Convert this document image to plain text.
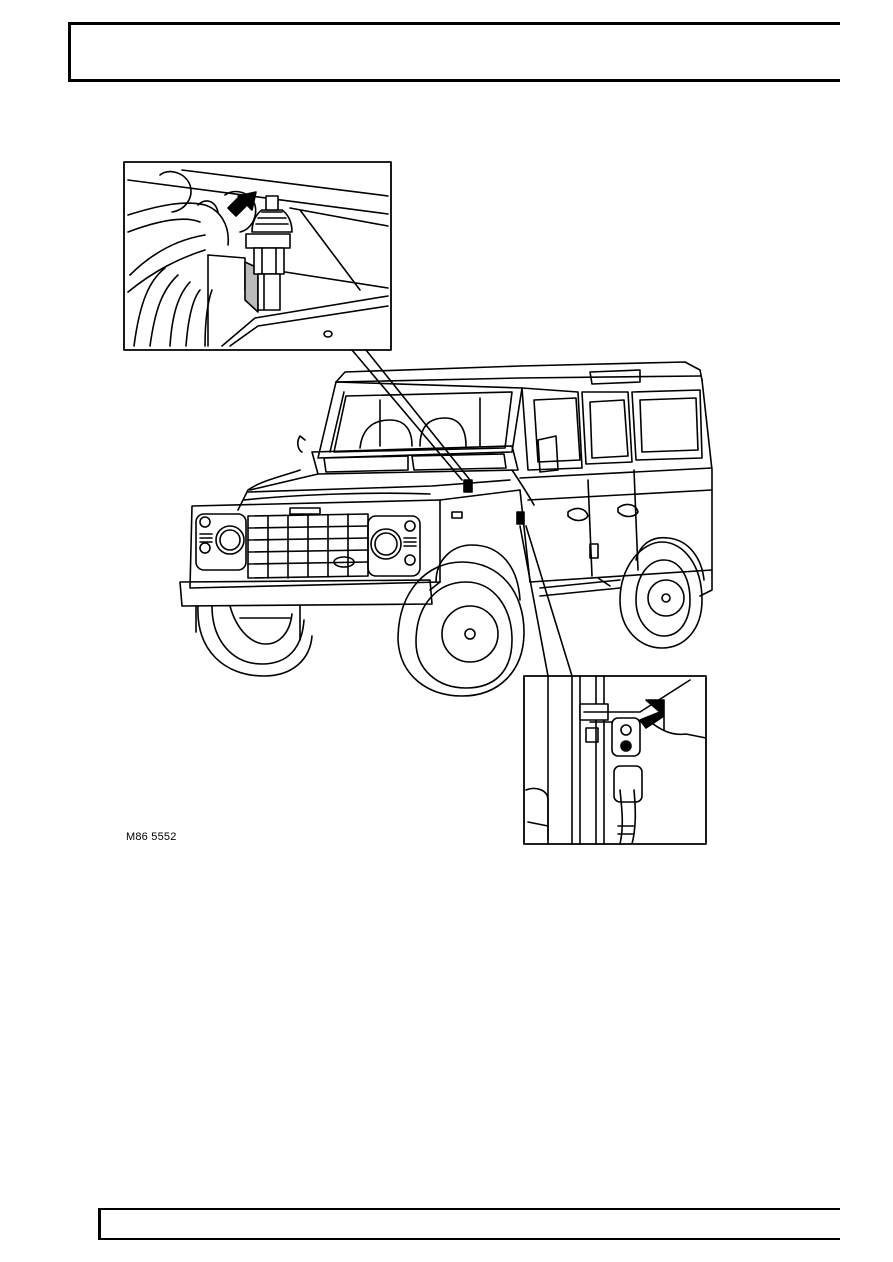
M86 5552
